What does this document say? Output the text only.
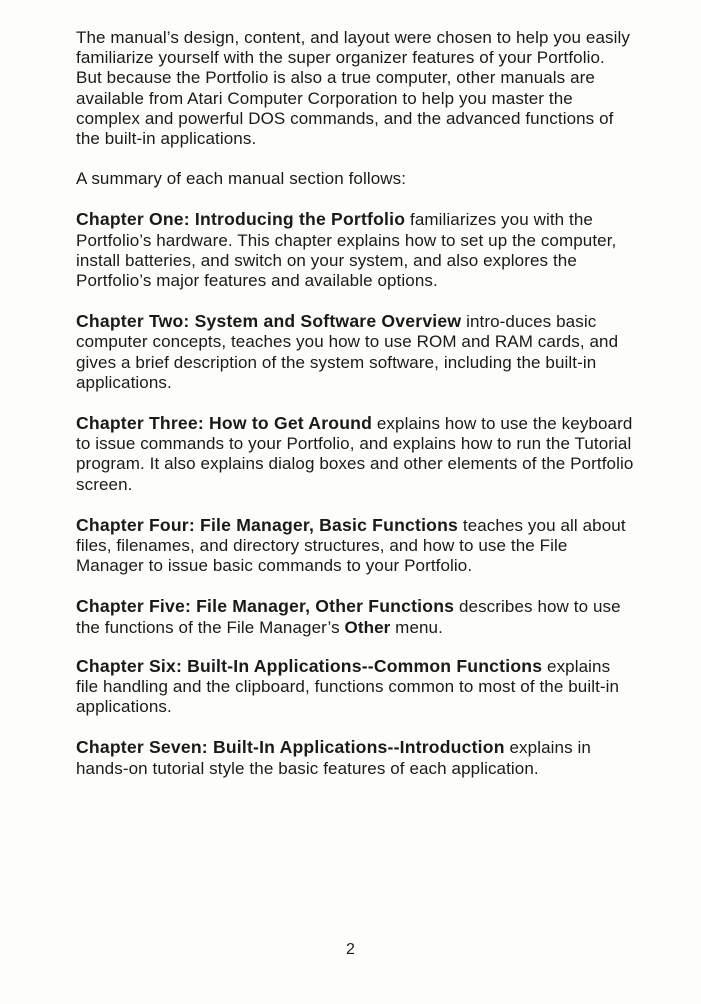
The manual’s design, content, and layout were chosen to help you easily familiarize yourself with the super organizer features of your Portfolio. But because the Portfolio is also a true computer, other manuals are available from Atari Computer Corporation to help you master the complex and powerful DOS commands, and the advanced functions of the built-in applications.

A summary of each manual section follows:

Chapter One: Introducing the Portfolio familiarizes you with the Portfolio’s hardware. This chapter explains how to set up the computer, install batteries, and switch on your system, and also explores the Portfolio’s major features and available options.

Chapter Two: System and Software Overview intro-duces basic computer concepts, teaches you how to use ROM and RAM cards, and gives a brief description of the system software, including the built-in applications.

Chapter Three: How to Get Around explains how to use the keyboard to issue commands to your Portfolio, and explains how to run the Tutorial program. It also explains dialog boxes and other elements of the Portfolio screen.

Chapter Four: File Manager, Basic Functions teaches you all about files, filenames, and directory structures, and how to use the File Manager to issue basic commands to your Portfolio.

Chapter Five: File Manager, Other Functions describes how to use the functions of the File Manager’s Other menu.

Chapter Six: Built-In Applications--Common Functions explains file handling and the clipboard, functions common to most of the built-in applications.

Chapter Seven: Built-In Applications--Introduction explains in hands-on tutorial style the basic features of each application.

2
